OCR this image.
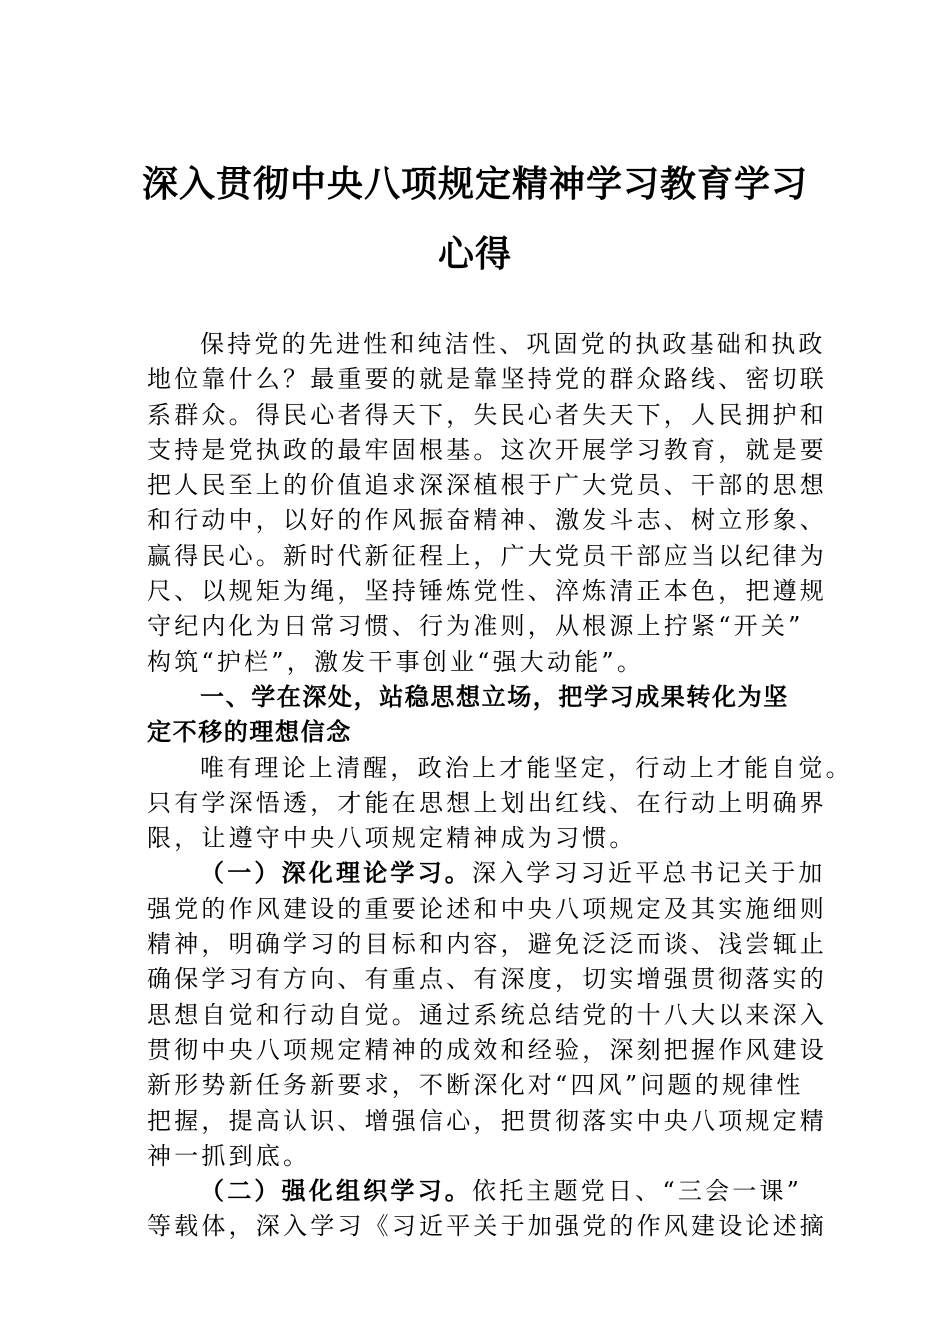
深入贯彻中央八项规定精神学习教育学习
心得
保持党的先进性和纯洁性、巩固党的执政基础和执政
地位靠什么？最重要的就是靠坚持党的群众路线、密切联
系群众。得民心者得天下，失民心者失天下，人民拥护和
支持是党执政的最牢固根基。这次开展学习教育，就是要
把人民至上的价值追求深深植根于广大党员、干部的思想
和行动中，以好的作风振奋精神、激发斗志、树立形象、
赢得民心。新时代新征程上，广大党员干部应当以纪律为
尺、以规矩为绳，坚持锤炼党性、淬炼清正本色，把遵规
守纪内化为日常习惯、行为准则，从根源上拧紧“开关”
构筑“护栏”，激发干事创业“强大动能”。
一、学在深处，站稳思想立场，把学习成果转化为坚
定不移的理想信念
唯有理论上清醒，政治上才能坚定，行动上才能自觉。
只有学深悟透，才能在思想上划出红线、在行动上明确界
限，让遵守中央八项规定精神成为习惯。
（一）深化理论学习。深入学习习近平总书记关于加
强党的作风建设的重要论述和中央八项规定及其实施细则
精神，明确学习的目标和内容，避免泛泛而谈、浅尝辄止
确保学习有方向、有重点、有深度，切实增强贯彻落实的
思想自觉和行动自觉。通过系统总结党的十八大以来深入
贯彻中央八项规定精神的成效和经验，深刻把握作风建设
新形势新任务新要求，不断深化对“四风”问题的规律性
把握，提高认识、增强信心，把贯彻落实中央八项规定精
神一抓到底。
（二）强化组织学习。依托主题党日、“三会一课”
等载体，深入学习《习近平关于加强党的作风建设论述摘
